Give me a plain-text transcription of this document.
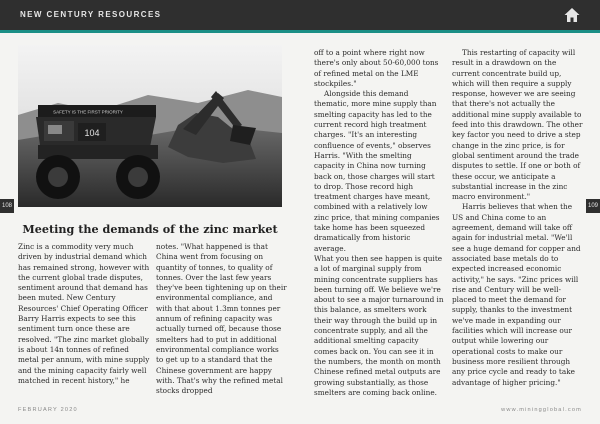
NEW CENTURY RESOURCES
SAFETY IS THE FIRST PRIORITY
104
Meeting the demands of the zinc market

Zinc is a commodity very much driven by industrial demand which has remained strong, however with the current global trade disputes, sentiment around that demand has been muted. New Century Resources' Chief Operating Officer Barry Harris expects to see this sentiment turn once these are resolved. "The zinc market globally is about 14n tonnes of refined metal per annum, with mine supply and the mining capacity fairly well matched in recent history," he

notes. "What happened is that China went from focusing on quantity of tonnes, to quality of tonnes. Over the last few years they've been tightening up on their environmental compliance, and with that about 1.3mn tonnes per annum of refining capacity was actually turned off, because those smelters had to put in additional environmental compliance works to get up to a standard that the Chinese government are happy with. That's why the refined metal stocks dropped

off to a point where right now there's only about 50-60,000 tons of refined metal on the LME stockpiles."

Alongside this demand thematic, more mine supply than smelting capacity has led to the current record high treatment charges. "It's an interesting confluence of events," observes Harris. "With the smelting capacity in China now turning back on, those charges will start to drop. Those record high treatment charges have meant, combined with a relatively low zinc price, that mining companies take home has been squeezed dramatically from historic average.

What you then see happen is quite a lot of marginal supply from mining concentrate suppliers has been turning off. We believe we're about to see a major turnaround in this balance, as smelters work their way through the build up in concentrate supply, and all the additional smelting capacity comes back on. You can see it in the numbers, the month on month Chinese refined metal outputs are growing substantially, as those smelters are coming back online.

This restarting of capacity will result in a drawdown on the current concentrate build up, which will then require a supply response, however we are seeing that there's not actually the additional mine supply available to feed into this drawdown. The other key factor you need to drive a step change in the zinc price, is for global sentiment around the trade disputes to settle. If one or both of these occur, we anticipate a substantial increase in the zinc macro environment."

Harris believes that when the US and China come to an agreement, demand will take off again for industrial metal. "We'll see a huge demand for copper and associated base metals do to expected increased economic activity," he says. "Zinc prices will rise and Century will be well-placed to meet the demand for supply, thanks to the investment we've made in expanding our facilities which will increase our output while lowering our operational costs to make our business more resilient through any price cycle and ready to take advantage of higher pricing."

108	109
FEBRUARY 2020	www.miningglobal.com
